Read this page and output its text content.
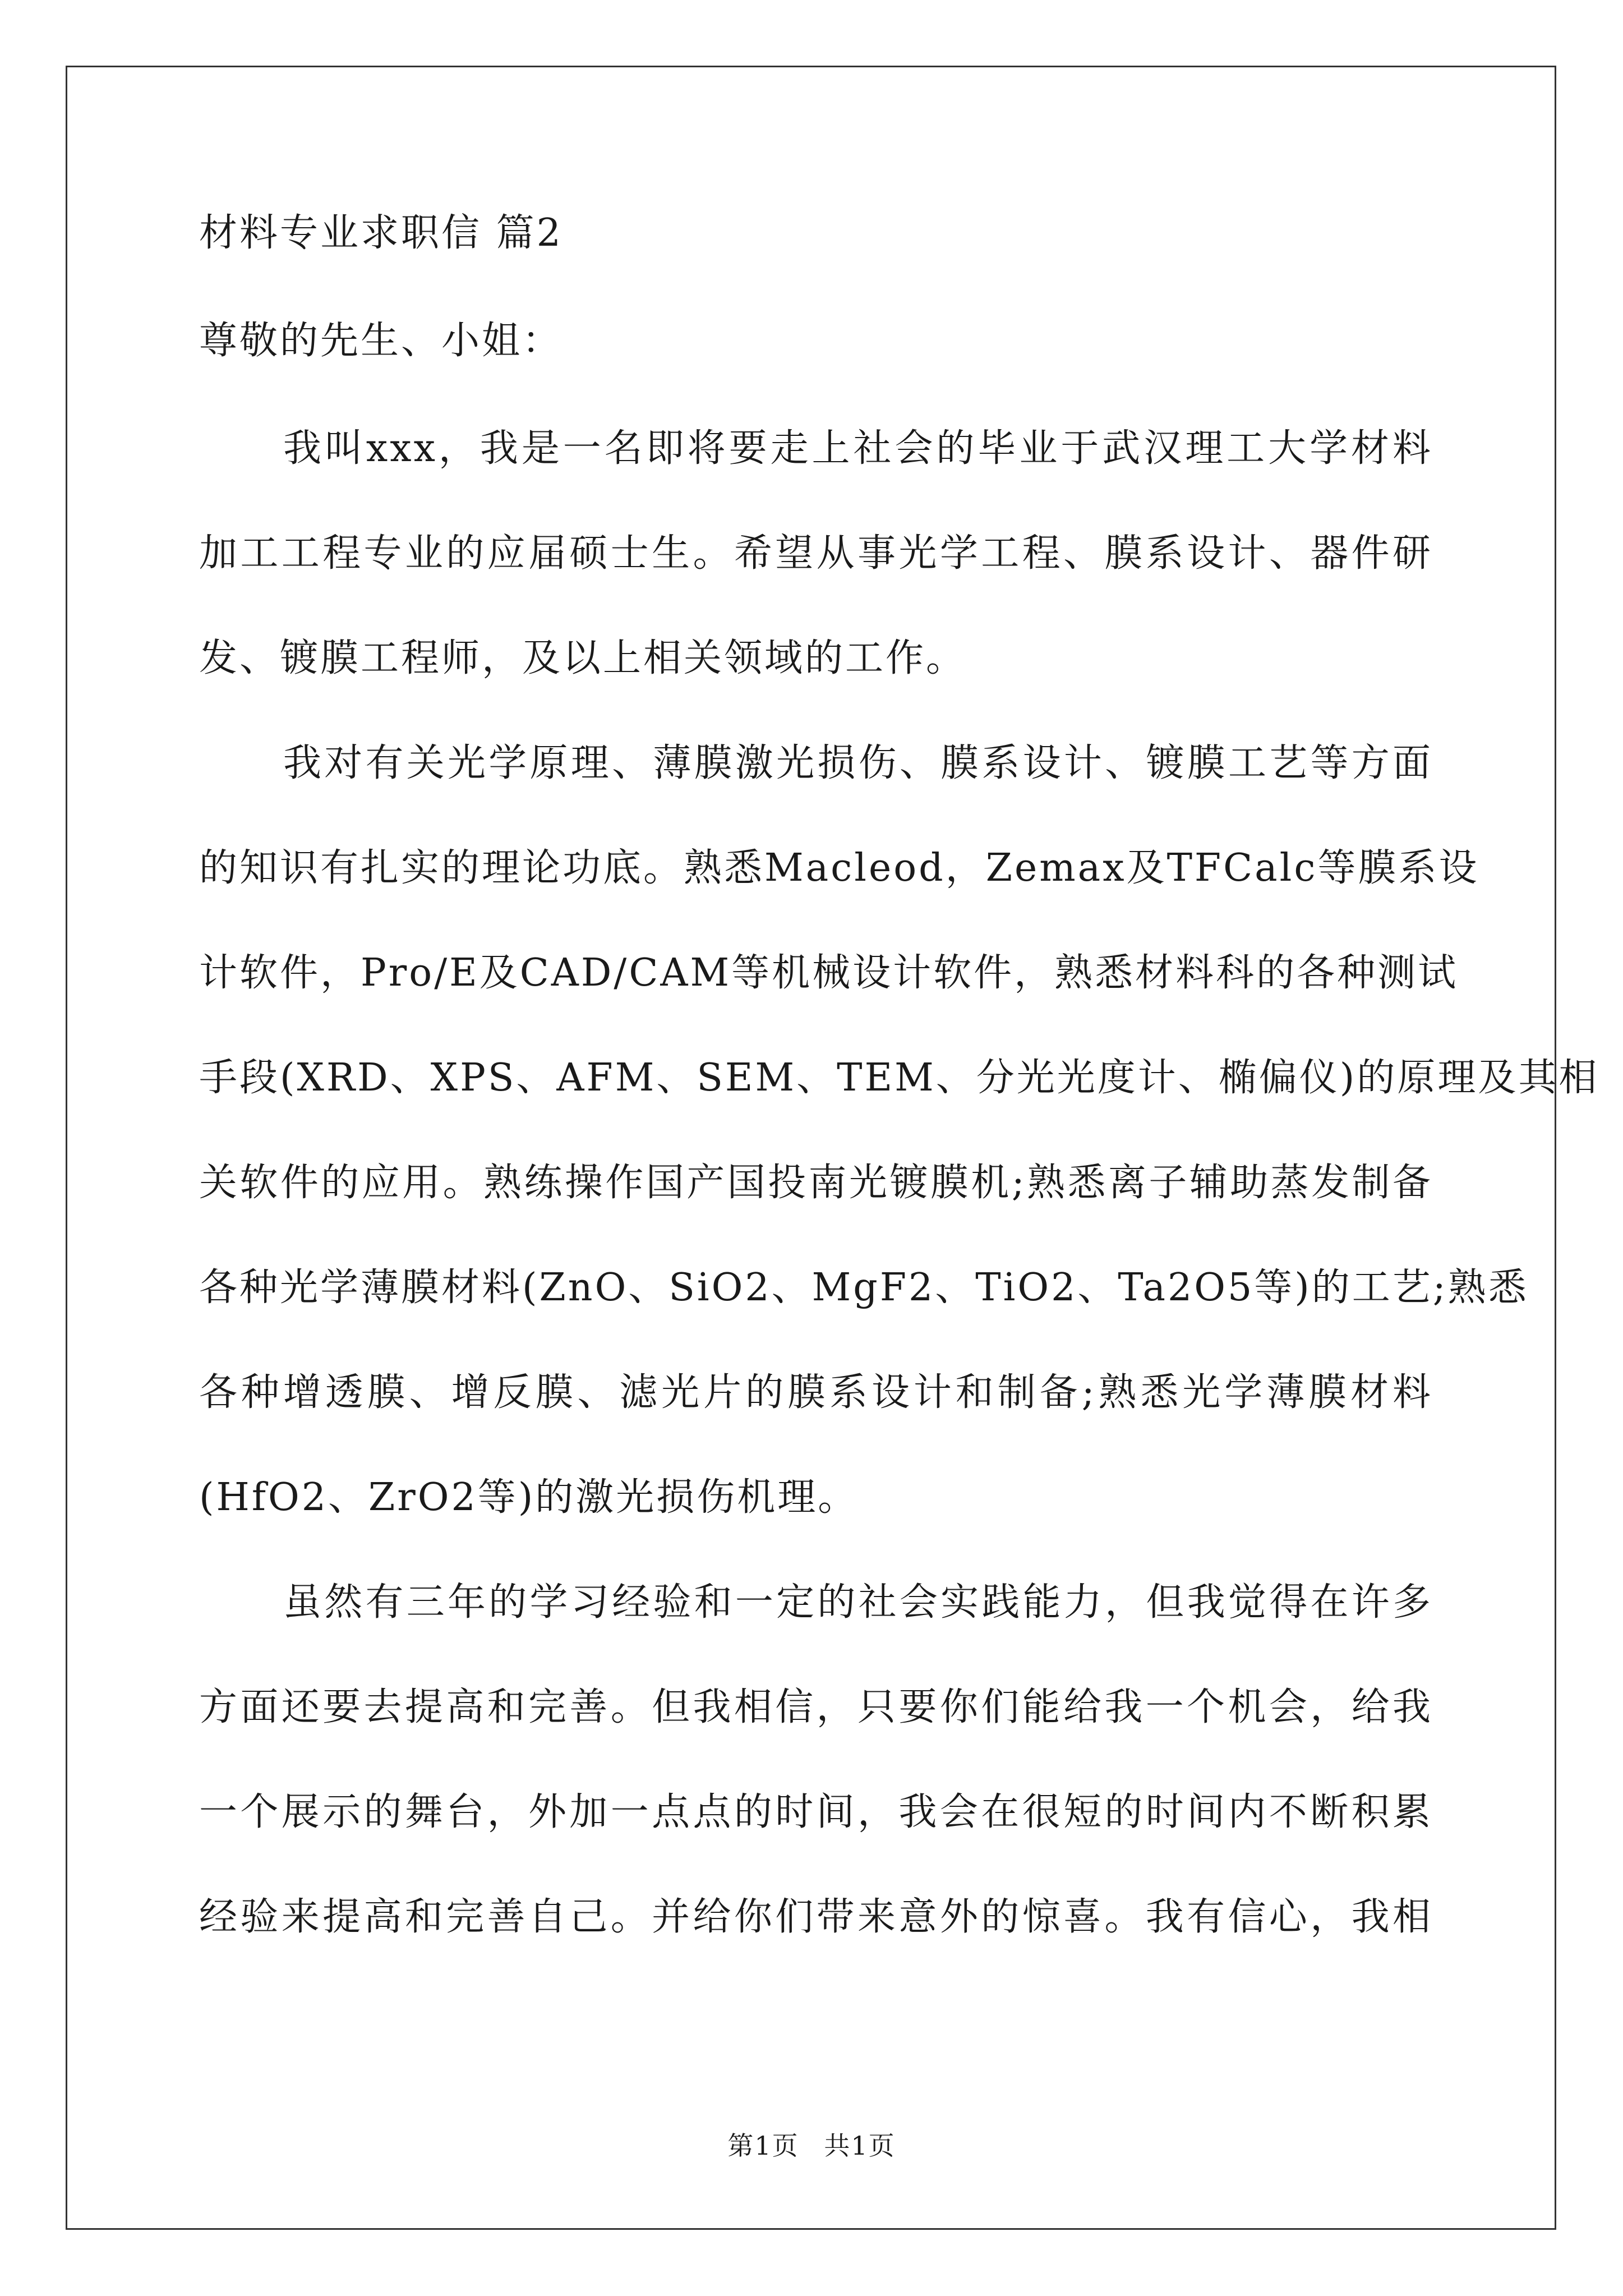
材料专业求职信 篇2
尊敬的先生、小姐：
我叫xxx，我是一名即将要走上社会的毕业于武汉理工大学材料
加工工程专业的应届硕士生。希望从事光学工程、膜系设计、器件研
发、镀膜工程师，及以上相关领域的工作。
我对有关光学原理、薄膜激光损伤、膜系设计、镀膜工艺等方面
的知识有扎实的理论功底。熟悉Macleod，Zemax及TFCalc等膜系设
计软件，Pro/E及CAD/CAM等机械设计软件，熟悉材料科的各种测试
手段(XRD、XPS、AFM、SEM、TEM、分光光度计、椭偏仪)的原理及其相
关软件的应用。熟练操作国产国投南光镀膜机;熟悉离子辅助蒸发制备
各种光学薄膜材料(ZnO、SiO2、MgF2、TiO2、Ta2O5等)的工艺;熟悉
各种增透膜、增反膜、滤光片的膜系设计和制备;熟悉光学薄膜材料
(HfO2、ZrO2等)的激光损伤机理。
虽然有三年的学习经验和一定的社会实践能力，但我觉得在许多
方面还要去提高和完善。但我相信，只要你们能给我一个机会，给我
一个展示的舞台，外加一点点的时间，我会在很短的时间内不断积累
经验来提高和完善自己。并给你们带来意外的惊喜。我有信心，我相
第1页 共1页
